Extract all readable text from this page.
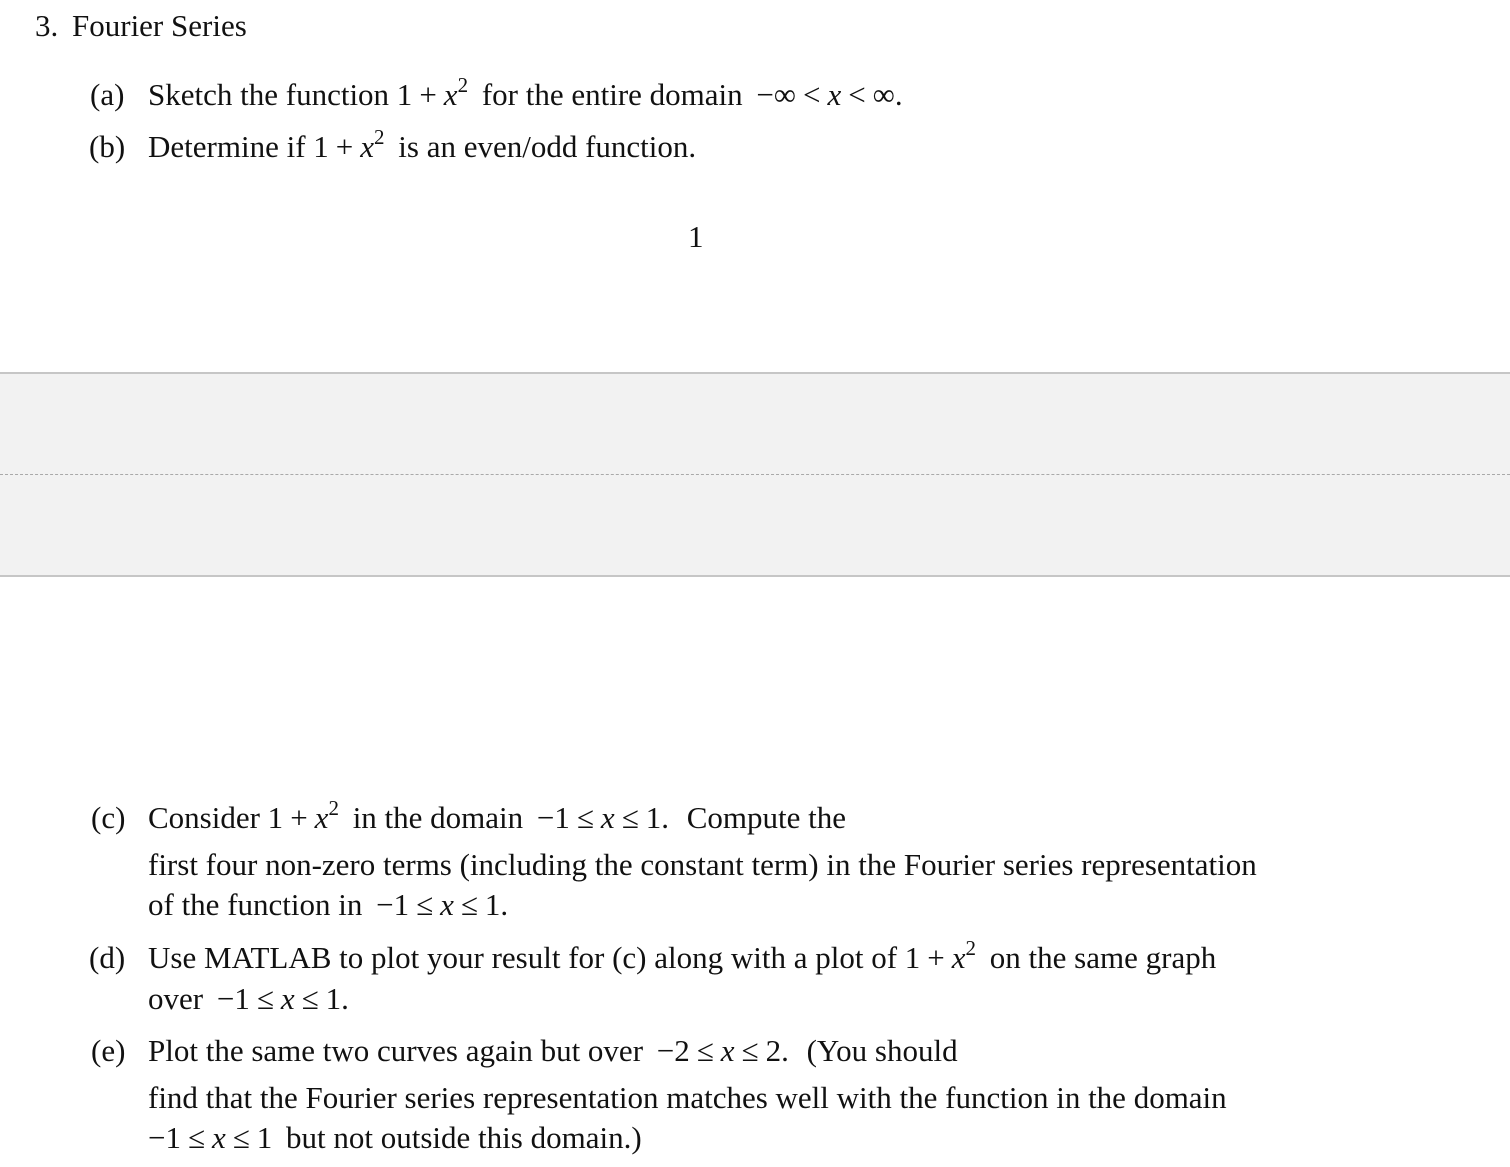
3. Fourier Series
(a) Sketch the function $1 + x^2$ for the entire domain −∞ < x < ∞.
(b) Determine if $1 + x^2$ is an even/odd function.
1
(c) Consider $1 + x^2$ in the domain −1 ≤ x ≤ 1. Compute the
first four non-zero terms (including the constant term) in the Fourier series representation
of the function in −1 ≤ x ≤ 1.
(d) Use MATLAB to plot your result for (c) along with a plot of $1 + x^2$ on the same graph
over −1 ≤ x ≤ 1.
(e) Plot the same two curves again but over −2 ≤ x ≤ 2. (You should
find that the Fourier series representation matches well with the function in the domain
−1 ≤ x ≤ 1 but not outside this domain.)
